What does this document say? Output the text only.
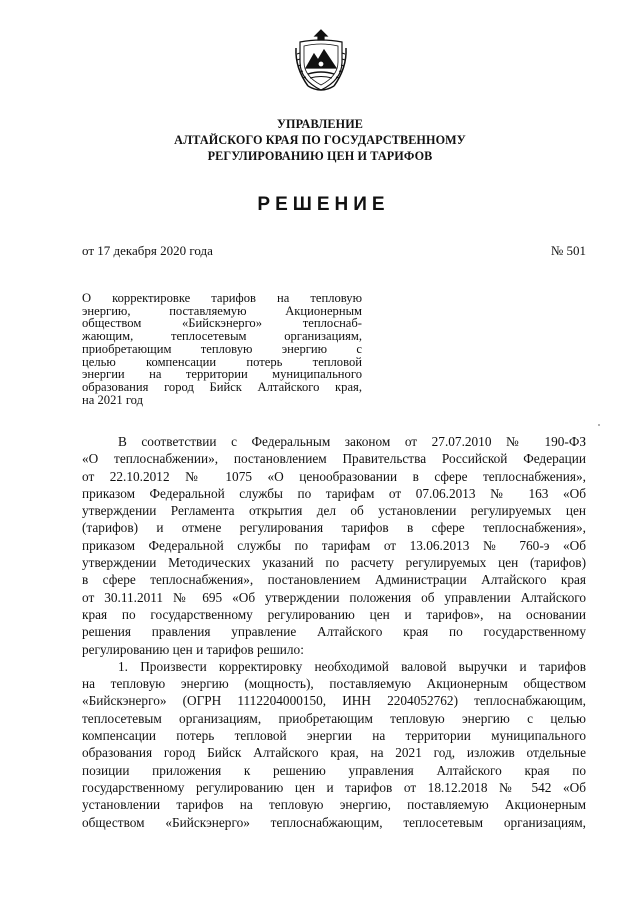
УПРАВЛЕНИЕ
АЛТАЙСКОГО КРАЯ ПО ГОСУДАРСТВЕННОМУ
РЕГУЛИРОВАНИЮ ЦЕН И ТАРИФОВ
РЕШЕНИЕ
от 17 декабря 2020 года	№ 501
О корректировке тарифов на тепловую
энергию, поставляемую Акционерным
обществом «Бийскэнерго» теплоснаб-
жающим, теплосетевым организациям,
приобретающим тепловую энергию с
целью компенсации потерь тепловой
энергии на территории муниципального
образования город Бийск Алтайского края,
на 2021 год
В соответствии с Федеральным законом от 27.07.2010 № 190-ФЗ
«О теплоснабжении», постановлением Правительства Российской Федерации
от 22.10.2012 № 1075 «О ценообразовании в сфере теплоснабжения»,
приказом Федеральной службы по тарифам от 07.06.2013 № 163 «Об
утверждении Регламента открытия дел об установлении регулируемых цен
(тарифов) и отмене регулирования тарифов в сфере теплоснабжения»,
приказом Федеральной службы по тарифам от 13.06.2013 № 760-э «Об
утверждении Методических указаний по расчету регулируемых цен (тарифов)
в сфере теплоснабжения», постановлением Администрации Алтайского края
от 30.11.2011 № 695 «Об утверждении положения об управлении Алтайского
края по государственному регулированию цен и тарифов», на основании
решения правления управление Алтайского края по государственному
регулированию цен и тарифов решило:
1. Произвести корректировку необходимой валовой выручки и тарифов
на тепловую энергию (мощность), поставляемую Акционерным обществом
«Бийскэнерго» (ОГРН 1112204000150, ИНН 2204052762) теплоснабжающим,
теплосетевым организациям, приобретающим тепловую энергию с целью
компенсации потерь тепловой энергии на территории муниципального
образования город Бийск Алтайского края, на 2021 год, изложив отдельные
позиции приложения к решению управления Алтайского края по
государственному регулированию цен и тарифов от 18.12.2018 № 542 «Об
установлении тарифов на тепловую энергию, поставляемую Акционерным
обществом «Бийскэнерго» теплоснабжающим, теплосетевым организациям,
